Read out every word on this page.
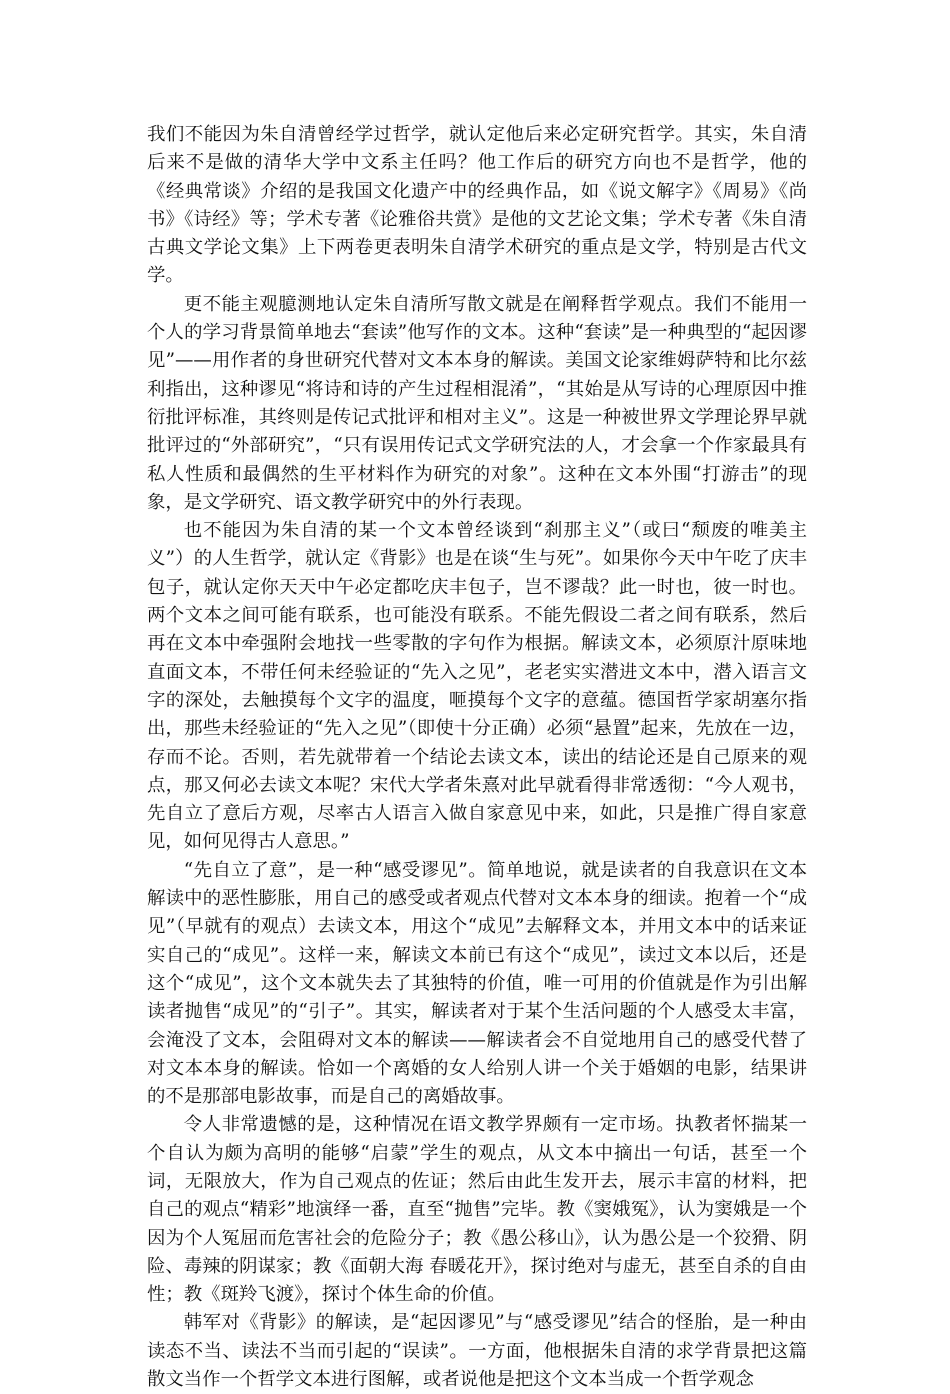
我们不能因为朱自清曾经学过哲学，就认定他后来必定研究哲学。其实，朱自清后来不是做的清华大学中文系主任吗？他工作后的研究方向也不是哲学，他的《经典常谈》介绍的是我国文化遗产中的经典作品，如《说文解字》《周易》《尚书》《诗经》等；学术专著《论雅俗共赏》是他的文艺论文集；学术专著《朱自清古典文学论文集》上下两卷更表明朱自清学术研究的重点是文学，特别是古代文学。

更不能主观臆测地认定朱自清所写散文就是在阐释哲学观点。我们不能用一个人的学习背景简单地去“套读”他写作的文本。这种“套读”是一种典型的“起因谬见”——用作者的身世研究代替对文本本身的解读。美国文论家维姆萨特和比尔兹利指出，这种谬见“将诗和诗的产生过程相混淆”，“其始是从写诗的心理原因中推衍批评标准，其终则是传记式批评和相对主义”。这是一种被世界文学理论界早就批评过的“外部研究”，“只有误用传记式文学研究法的人，才会拿一个作家最具有私人性质和最偶然的生平材料作为研究的对象”。这种在文本外围“打游击”的现象，是文学研究、语文教学研究中的外行表现。

也不能因为朱自清的某一个文本曾经谈到“刹那主义”（或曰“颓废的唯美主义”）的人生哲学，就认定《背影》也是在谈“生与死”。如果你今天中午吃了庆丰包子，就认定你天天中午必定都吃庆丰包子，岂不谬哉？此一时也，彼一时也。两个文本之间可能有联系，也可能没有联系。不能先假设二者之间有联系，然后再在文本中牵强附会地找一些零散的字句作为根据。解读文本，必须原汁原味地直面文本，不带任何未经验证的“先入之见”，老老实实潜进文本中，潜入语言文字的深处，去触摸每个文字的温度，咂摸每个文字的意蕴。德国哲学家胡塞尔指出，那些未经验证的“先入之见”（即使十分正确）必须“悬置”起来，先放在一边，存而不论。否则，若先就带着一个结论去读文本，读出的结论还是自己原来的观点，那又何必去读文本呢？宋代大学者朱熹对此早就看得非常透彻：“今人观书，先自立了意后方观，尽率古人语言入做自家意见中来，如此，只是推广得自家意见，如何见得古人意思。”

“先自立了意”，是一种“感受谬见”。简单地说，就是读者的自我意识在文本解读中的恶性膨胀，用自己的感受或者观点代替对文本本身的细读。抱着一个“成见”（早就有的观点）去读文本，用这个“成见”去解释文本，并用文本中的话来证实自己的“成见”。这样一来，解读文本前已有这个“成见”，读过文本以后，还是这个“成见”，这个文本就失去了其独特的价值，唯一可用的价值就是作为引出解读者抛售“成见”的“引子”。其实，解读者对于某个生活问题的个人感受太丰富，会淹没了文本，会阻碍对文本的解读——解读者会不自觉地用自己的感受代替了对文本本身的解读。恰如一个离婚的女人给别人讲一个关于婚姻的电影，结果讲的不是那部电影故事，而是自己的离婚故事。

令人非常遗憾的是，这种情况在语文教学界颇有一定市场。执教者怀揣某一个自认为颇为高明的能够“启蒙”学生的观点，从文本中摘出一句话，甚至一个词，无限放大，作为自己观点的佐证；然后由此生发开去，展示丰富的材料，把自己的观点“精彩”地演绎一番，直至“抛售”完毕。教《窦娥冤》，认为窦娥是一个因为个人冤屈而危害社会的危险分子；教《愚公移山》，认为愚公是一个狡猾、阴险、毒辣的阴谋家；教《面朝大海 春暖花开》，探讨绝对与虚无，甚至自杀的自由性；教《斑羚飞渡》，探讨个体生命的价值。

韩军对《背影》的解读，是“起因谬见”与“感受谬见”结合的怪胎，是一种由读态不当、读法不当而引起的“误读”。一方面，他根据朱自清的求学背景把这篇散文当作一个哲学文本进行图解，或者说他是把这个文本当成一个哲学观念
